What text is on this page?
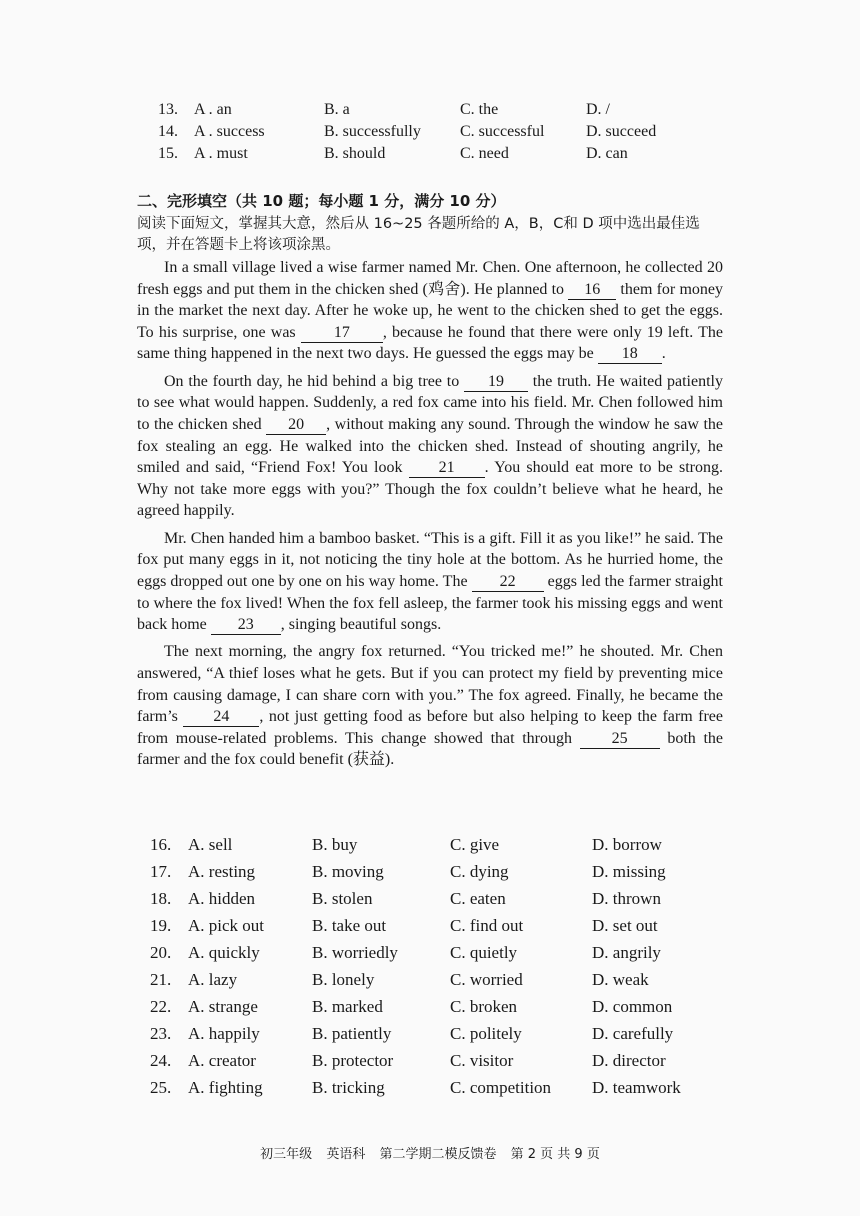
13.	A . an	B. a	C. the	D. /
14.	A . success	B. successfully	C. successful	D. succeed
15.	A . must	B. should	C. need	D. can
二、完形填空（共 10 题；每小题 1 分，满分 10 分）
阅读下面短文，掌握其大意，然后从 16~25 各题所给的 A，B，C和 D 项中选出最佳选项，并在答题卡上将该项涂黑。

In a small village lived a wise farmer named Mr. Chen. One afternoon, he collected 20 fresh eggs and put them in the chicken shed (鸡舍). He planned to 16 them for money in the market the next day. After he woke up, he went to the chicken shed to get the eggs. To his surprise, one was 17 , because he found that there were only 19 left. The same thing happened in the next two days. He guessed the eggs may be 18 .

On the fourth day, he hid behind a big tree to 19 the truth. He waited patiently to see what would happen. Suddenly, a red fox came into his field. Mr. Chen followed him to the chicken shed 20 , without making any sound. Through the window he saw the fox stealing an egg. He walked into the chicken shed. Instead of shouting angrily, he smiled and said, “Friend Fox! You look 21 . You should eat more to be strong. Why not take more eggs with you?” Though the fox couldn’t believe what he heard, he agreed happily.

Mr. Chen handed him a bamboo basket. “This is a gift. Fill it as you like!” he said. The fox put many eggs in it, not noticing the tiny hole at the bottom. As he hurried home, the eggs dropped out one by one on his way home. The 22 eggs led the farmer straight to where the fox lived! When the fox fell asleep, the farmer took his missing eggs and went back home 23 , singing beautiful songs.

The next morning, the angry fox returned. “You tricked me!” he shouted. Mr. Chen answered, “A thief loses what he gets. But if you can protect my field by preventing mice from causing damage, I can share corn with you.” The fox agreed. Finally, he became the farm’s 24 , not just getting food as before but also helping to keep the farm free from mouse-related problems. This change showed that through 25 both the farmer and the fox could benefit (获益).

16. A. sell	B. buy	C. give	D. borrow
17. A. resting	B. moving	C. dying	D. missing
18. A. hidden	B. stolen	C. eaten	D. thrown
19. A. pick out	B. take out	C. find out	D. set out
20. A. quickly	B. worriedly	C. quietly	D. angrily
21. A. lazy	B. lonely	C. worried	D. weak
22. A. strange	B. marked	C. broken	D. common
23. A. happily	B. patiently	C. politely	D. carefully
24. A. creator	B. protector	C. visitor	D. director
25. A. fighting	B. tricking	C. competition	D. teamwork
初三年级 英语科 第二学期二模反馈卷 第 2 页 共 9 页
